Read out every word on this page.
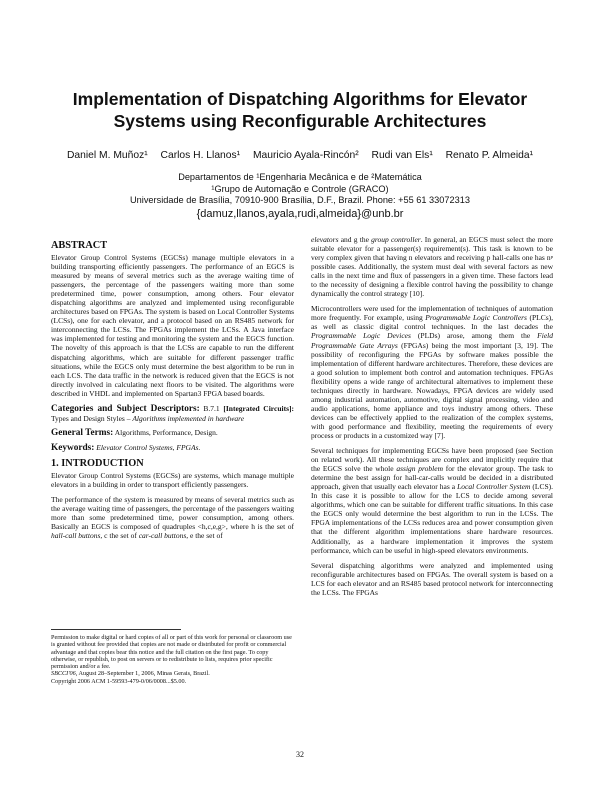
Implementation of Dispatching Algorithms for Elevator
Systems using Reconfigurable Architectures
Daniel M. Muñoz¹ Carlos H. Llanos¹ Mauricio Ayala-Rincón² Rudi van Els¹ Renato P. Almeida¹
Departamentos de ¹Engenharia Mecânica e de ²Matemática
¹Grupo de Automação e Controle (GRACO)
Universidade de Brasília, 70910-900 Brasília, D.F., Brazil. Phone: +55 61 33072313
{damuz,llanos,ayala,rudi,almeida}@unb.br
ABSTRACT

Elevator Group Control Systems (EGCSs) manage multiple elevators in a building transporting efficiently passengers. The performance of an EGCS is measured by means of several metrics such as the average waiting time of passengers, the percentage of the passengers waiting more than some predetermined time, power consumption, among others. Four elevator dispatching algorithms are analyzed and implemented using reconfigurable architectures based on FPGAs. The system is based on Local Controller Systems (LCSs), one for each elevator, and a protocol based on an RS485 network for interconnecting the LCSs. The FPGAs implement the LCSs. A Java interface was implemented for testing and monitoring the system and the EGCS function. The novelty of this approach is that the LCSs are capable to run the different dispatching algorithms, which are suitable for different passenger traffic situations, while the EGCS only must determine the best algorithm to be run in each LCS. The data traffic in the network is reduced given that the EGCS is not directly involved in calculating next floors to be visited. The algorithms were described in VHDL and implemented on Spartan3 FPGA based boards.

Categories and Subject Descriptors: B.7.1 [Integrated Circuits]: Types and Design Styles – Algorithms implemented in hardware
General Terms: Algorithms, Performance, Design.
Keywords: Elevator Control Systems, FPGAs.
1. INTRODUCTION

Elevator Group Control Systems (EGCSs) are systems, which manage multiple elevators in a building in order to transport efficiently passengers.

The performance of the system is measured by means of several metrics such as the average waiting time of passengers, the percentage of the passengers waiting more than some predetermined time, power consumption, among others. Basically an EGCS is composed of quadruples <h,c,e,g>, where h is the set of hall-call buttons, c the set of car-call buttons, e the set of

Permission to make digital or hard copies of all or part of this work for personal or classroom use is granted without fee provided that copies are not made or distributed for profit or commercial advantage and that copies bear this notice and the full citation on the first page. To copy otherwise, or republish, to post on servers or to redistribute to lists, requires prior specific permission and/or a fee.
SBCCI'06, August 28–September 1, 2006, Minas Gerais, Brazil.
Copyright 2006 ACM 1-59593-479-0/06/0008...$5.00.

elevators and g the group controller. In general, an EGCS must select the more suitable elevator for a passenger(s) requirement(s). This task is known to be very complex given that having n elevators and receiving p hall-calls one has nᵖ possible cases. Additionally, the system must deal with several factors as new calls in the next time and flux of passengers in a given time. These factors lead to the necessity of designing a flexible control having the possibility to change dynamically the control strategy [10].

Microcontrollers were used for the implementation of techniques of automation more frequently. For example, using Programmable Logic Controllers (PLCs), as well as classic digital control techniques. In the last decades the Programmable Logic Devices (PLDs) arose, among them the Field Programmable Gate Arrays (FPGAs) being the most important [3, 19]. The possibility of reconfiguring the FPGAs by software makes possible the implementation of different hardware architectures. Therefore, these devices are a good solution to implement both control and automation techniques. FPGAs flexibility opens a wide range of architectural alternatives to implement these techniques directly in hardware. Nowadays, FPGA devices are widely used among industrial automation, automotive, digital signal processing, video and audio applications, home appliance and toys industry among others. These devices can be effectively applied to the realization of the complex systems, with good performance and flexibility, meeting the requirements of every process or products in a customized way [7].

Several techniques for implementing EGCSs have been proposed (see Section on related work). All these techniques are complex and implicitly require that the EGCS solve the whole assign problem for the elevator group. The task to determine the best assign for hall-car-calls would be decided in a distributed approach, given that usually each elevator has a Local Controller System (LCS). In this case it is possible to allow for the LCS to decide among several algorithms, which one can be suitable for different traffic situations. In this case the EGCS only would determine the best algorithm to run in the LCSs. The FPGA implementations of the LCSs reduces area and power consumption given that the different algorithm implementations share hardware resources. Additionally, as a hardware implementation it improves the system performance, which can be useful in high-speed elevators environments.

Several dispatching algorithms were analyzed and implemented using reconfigurable architectures based on FPGAs. The overall system is based on a LCS for each elevator and an RS485 based protocol network for interconnecting the LCSs. The FPGAs

32
